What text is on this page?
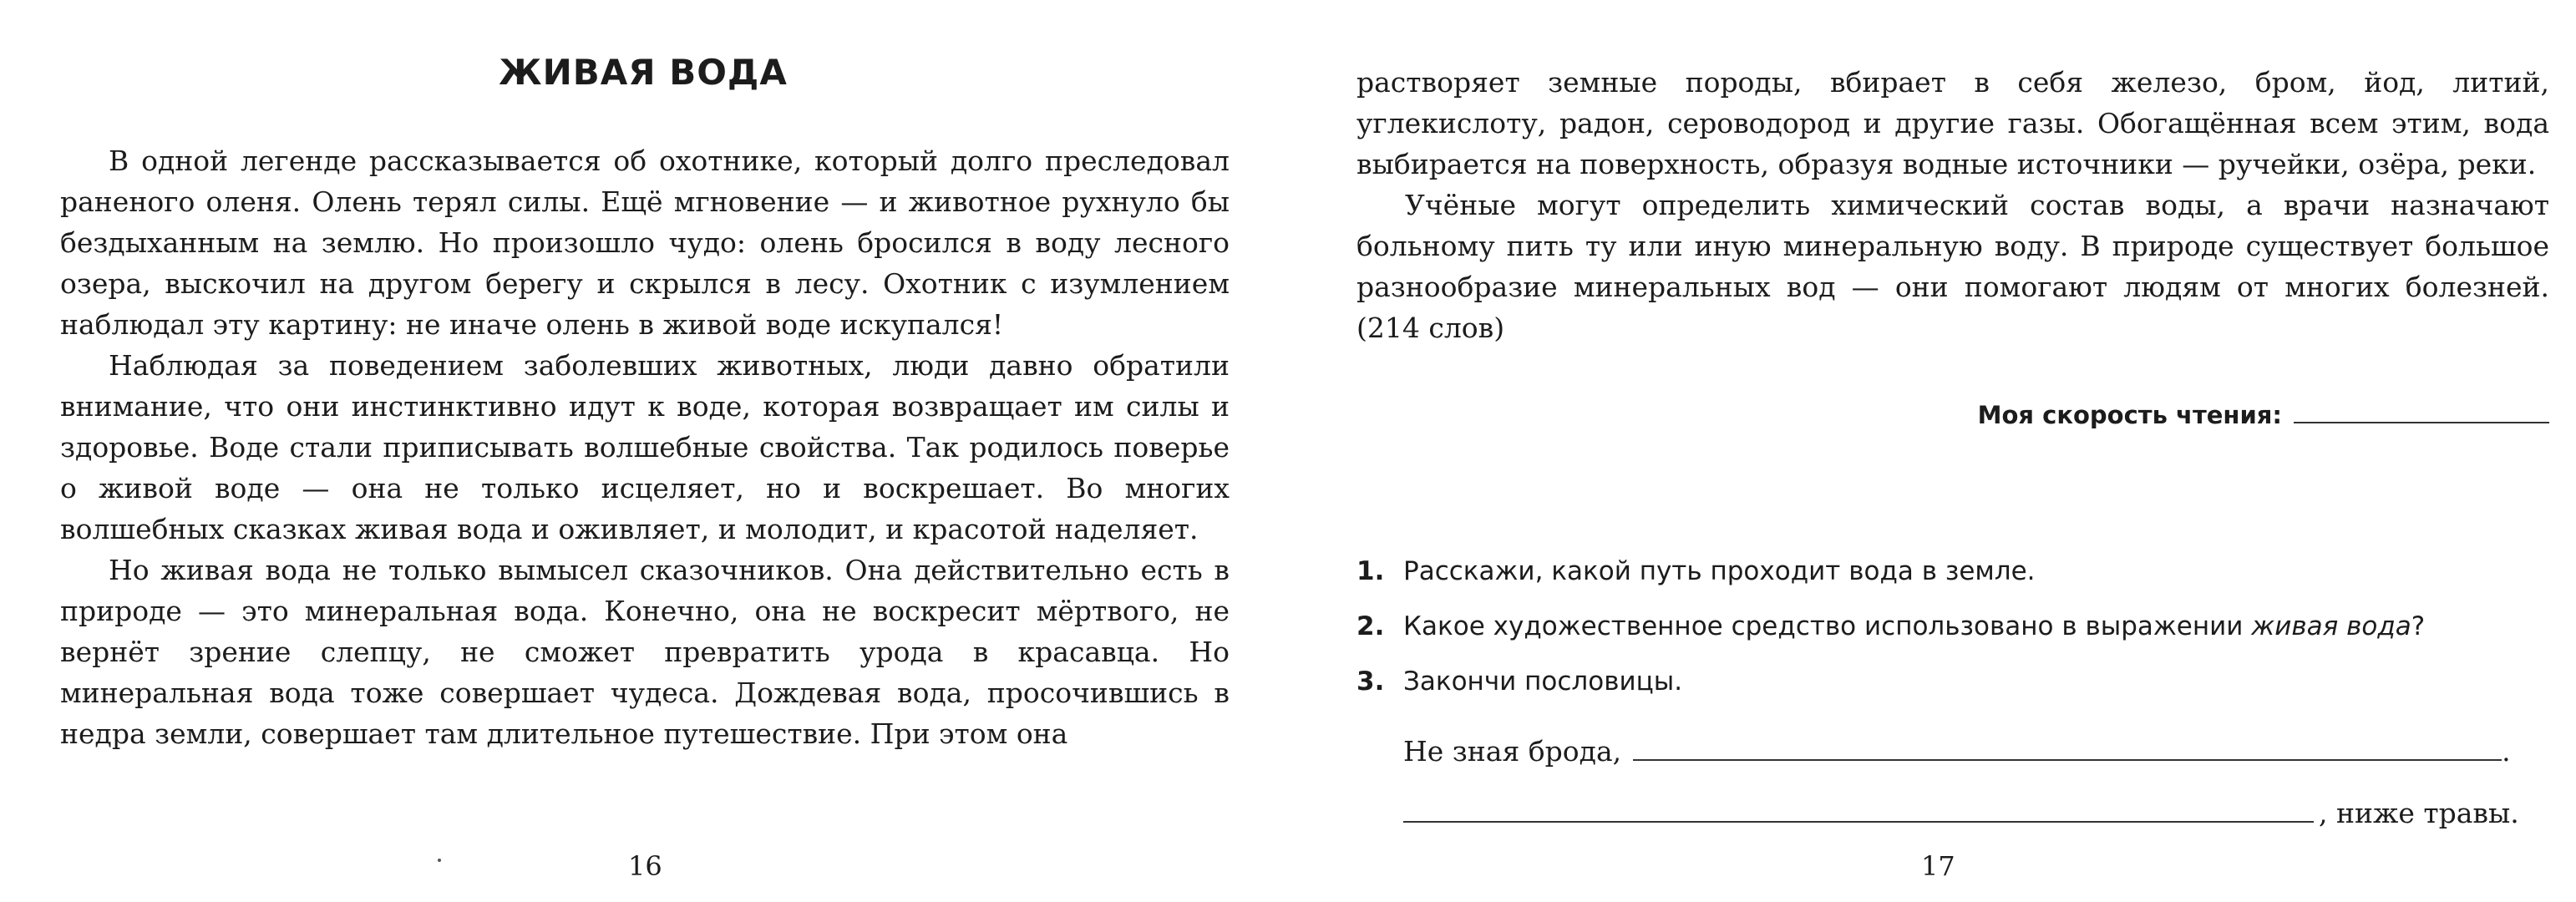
ЖИВАЯ ВОДА

В одной легенде рассказывается об охотнике, который долго преследовал раненого оленя. Олень терял силы. Ещё мгновение — и животное рухнуло бы бездыханным на землю. Но произошло чудо: олень бросился в воду лесного озера, выскочил на другом берегу и скрылся в лесу. Охотник с изумлением наблюдал эту картину: не иначе олень в живой воде искупался!

Наблюдая за поведением заболевших животных, люди давно обратили внимание, что они инстинктивно идут к воде, которая возвращает им силы и здоровье. Воде стали приписывать волшебные свойства. Так родилось поверье о живой воде — она не только исцеляет, но и воскрешает. Во многих волшебных сказках живая вода и оживляет, и молодит, и красотой наделяет.

Но живая вода не только вымысел сказочников. Она действительно есть в природе — это минеральная вода. Конечно, она не воскресит мёртвого, не вернёт зрение слепцу, не сможет превратить урода в красавца. Но минеральная вода тоже совершает чудеса. Дождевая вода, просочившись в недра земли, совершает там длительное путешествие. При этом она

16

растворяет земные породы, вбирает в себя железо, бром, йод, литий, углекислоту, радон, сероводород и другие газы. Обогащённая всем этим, вода выбирается на поверхность, образуя водные источники — ручейки, озёра, реки.

Учёные могут определить химический состав воды, а врачи назначают больному пить ту или иную минеральную воду. В природе существует большое разнообразие минеральных вод — они помогают людям от многих болезней. (214 слов)

Моя скорость чтения:
1. Расскажи, какой путь проходит вода в земле.
2. Какое художественное средство использовано в выражении живая вода?
3. Закончи пословицы.
Не зная брода,	.
, ниже травы.
17
